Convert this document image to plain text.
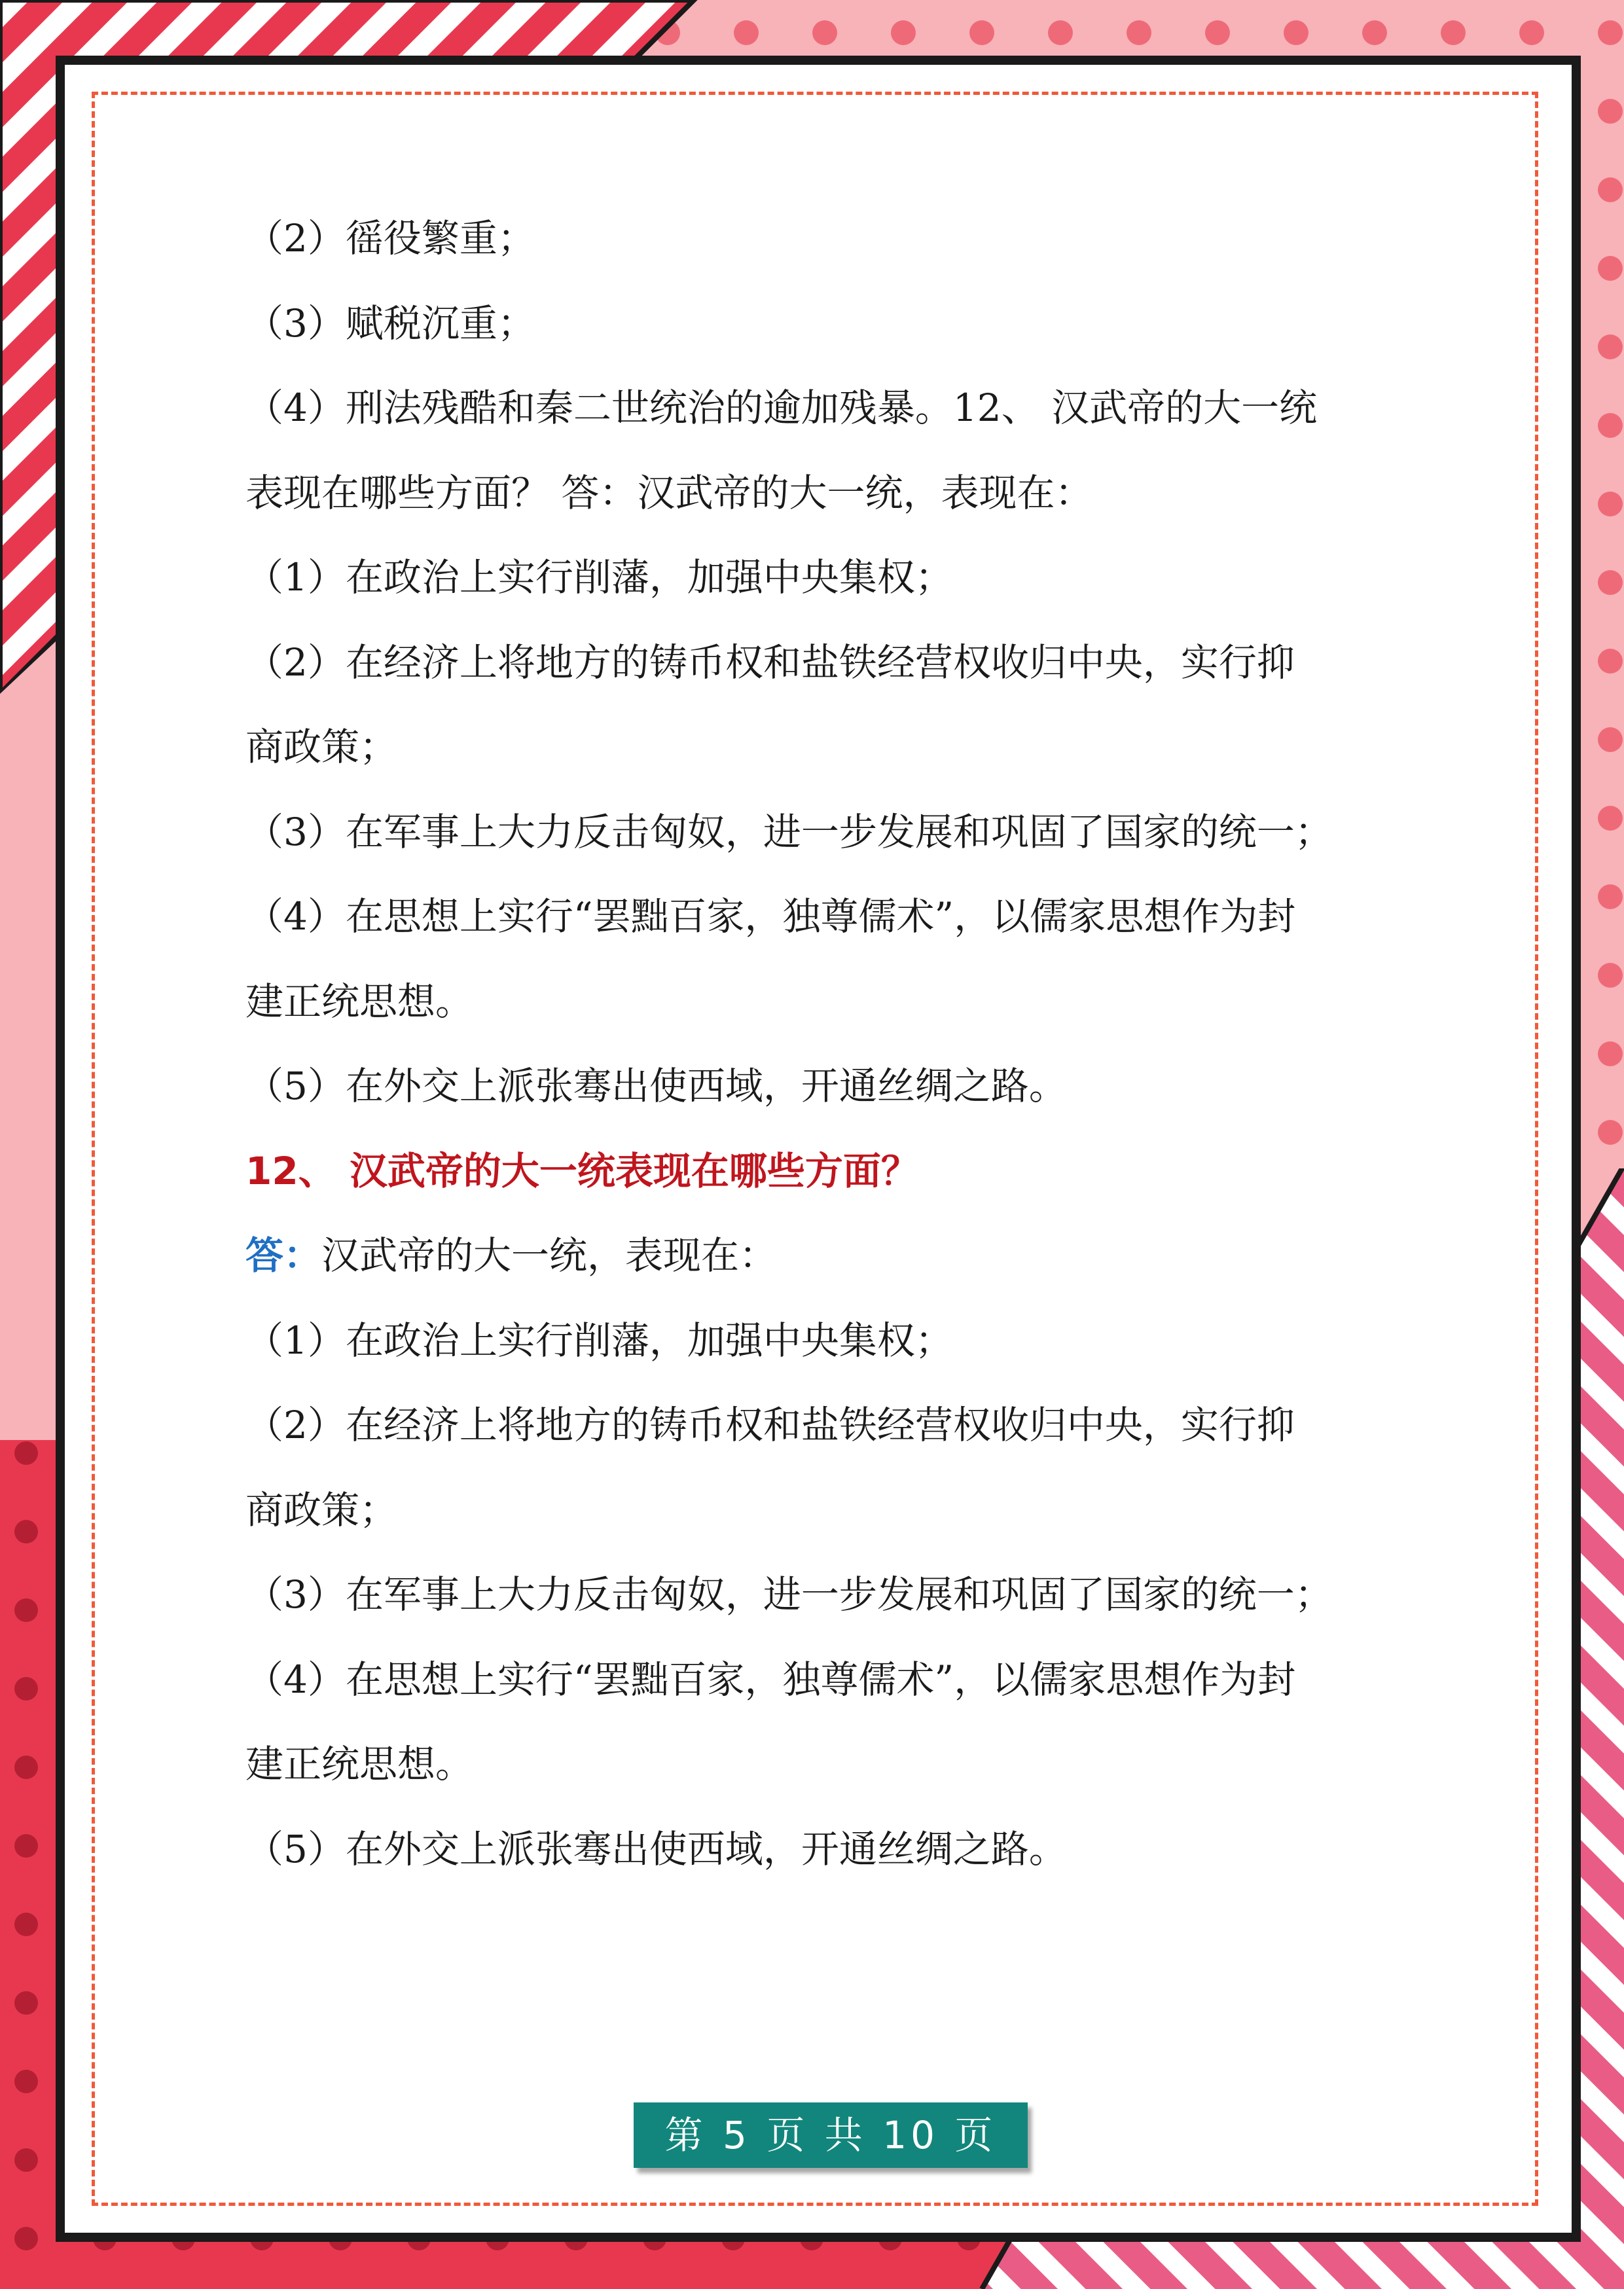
（2）徭役繁重；
（3）赋税沉重；
（4）刑法残酷和秦二世统治的逾加残暴。12、 汉武帝的大一统
表现在哪些方面？ 答：汉武帝的大一统，表现在：
（1）在政治上实行削藩，加强中央集权；
（2）在经济上将地方的铸币权和盐铁经营权收归中央，实行抑
商政策；
（3）在军事上大力反击匈奴，进一步发展和巩固了国家的统一；
（4）在思想上实行“罢黜百家，独尊儒术”，以儒家思想作为封
建正统思想。
（5）在外交上派张骞出使西域，开通丝绸之路。
12、 汉武帝的大一统表现在哪些方面？
答：汉武帝的大一统，表现在：
（1）在政治上实行削藩，加强中央集权；
（2）在经济上将地方的铸币权和盐铁经营权收归中央，实行抑
商政策；
（3）在军事上大力反击匈奴，进一步发展和巩固了国家的统一；
（4）在思想上实行“罢黜百家，独尊儒术”，以儒家思想作为封
建正统思想。
（5）在外交上派张骞出使西域，开通丝绸之路。
第 5 页 共 10 页
